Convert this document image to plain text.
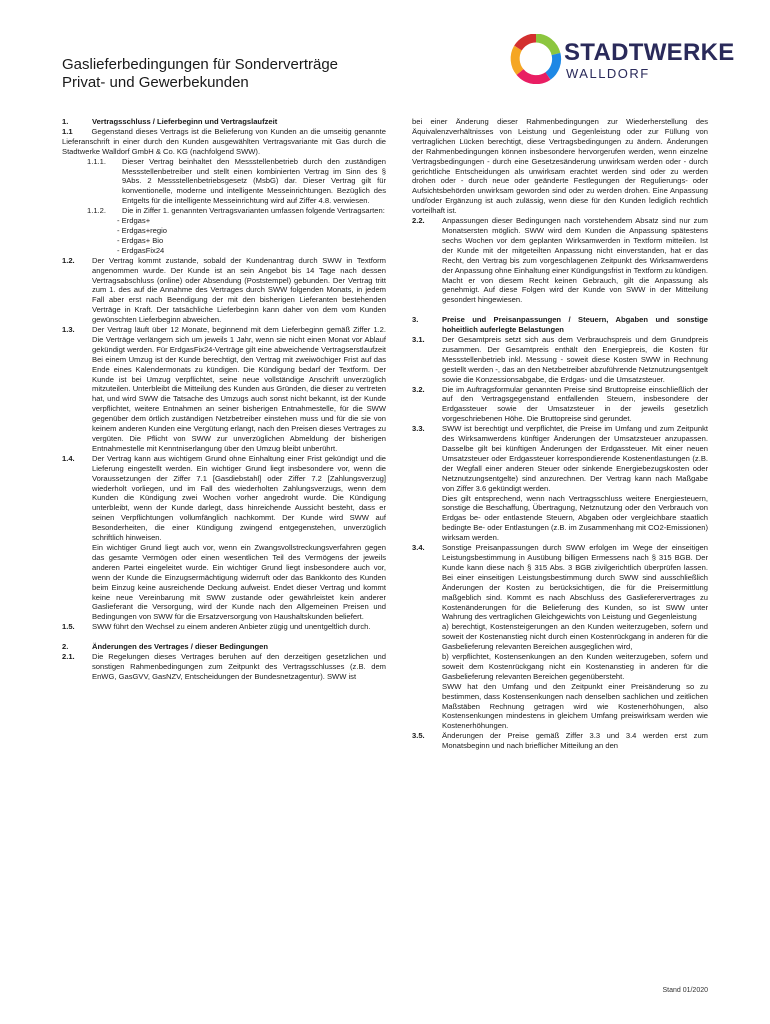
STADTWERKE
WALLDORF
Gaslieferbedingungen für Sonderverträge
Privat- und Gewerbekunden
1.	Vertragsschluss / Lieferbeginn und Vertragslaufzeit

1.1 Gegenstand dieses Vertrags ist die Belieferung von Kunden an die umseitig genannte Lieferanschrift in einer durch den Kunden ausgewählten Vertragsvariante mit Gas durch die Stadtwerke Walldorf GmbH & Co. KG (nachfolgend SWW).

1.1.1.	Dieser Vertrag beinhaltet den Messstellenbetrieb durch den zuständigen Messstellenbetreiber und stellt einen kombinierten Vertrag im Sinn des § 9Abs. 2 Messstellenbetriebsgesetz (MsbG) dar. Dieser Vertrag gilt für konventionelle, moderne und intelligente Messeinrichtungen. Bezüglich des Entgelts für die intelligente Messeinrichtung wird auf Ziffer 4.8. verwiesen.
1.1.2.	Die in Ziffer 1. genannten Vertragsvarianten umfassen folgende Vertragsarten:
- Erdgas+
- Erdgas+regio
- Erdgas+ Bio
- ErdgasFix24
1.2.	Der Vertrag kommt zustande, sobald der Kundenantrag durch SWW in Textform angenommen wurde. Der Kunde ist an sein Angebot bis 14 Tage nach dessen Vertragsabschluss (online) oder Absendung (Poststempel) gebunden. Der Vertrag tritt zum 1. des auf die Annahme des Vertrages durch SWW folgenden Monats, in jedem Fall aber erst nach Beendigung der mit den bisherigen Lieferanten bestehenden Verträge in Kraft. Der tatsächliche Lieferbeginn kann daher von dem vom Kunden gewünschten Lieferbeginn abweichen.
1.3.	Der Vertrag läuft über 12 Monate, beginnend mit dem Lieferbeginn gemäß Ziffer 1.2. Die Verträge verlängern sich um jeweils 1 Jahr, wenn sie nicht einen Monat vor Ablauf gekündigt werden. Für ErdgasFix24-Verträge gilt eine abweichende Vertragserstlaufzeit Bei einem Umzug ist der Kunde berechtigt, den Vertrag mit zweiwöchiger Frist auf das Ende eines Kalendermonats zu kündigen. Die Kündigung bedarf der Textform. Der Kunde ist bei Umzug verpflichtet, seine neue vollständige Anschrift unverzüglich mitzuteilen. Unterbleibt die Mitteilung des Kunden aus Gründen, die dieser zu vertreten hat, und wird SWW die Tatsache des Umzugs auch sonst nicht bekannt, ist der Kunde verpflichtet, weitere Entnahmen an seiner bisherigen Entnahmestelle, für die SWW gegenüber dem örtlich zuständigen Netzbetreiber einstehen muss und für die sie von keinem anderen Kunden eine Vergütung erlangt, nach den Preisen dieses Vertrages zu vergüten. Die Pflicht von SWW zur unverzüglichen Abmeldung der bisherigen Entnahmestelle mit Kenntniserlangung über den Umzug bleibt unberührt.
1.4.	Der Vertrag kann aus wichtigem Grund ohne Einhaltung einer Frist gekündigt und die Lieferung eingestellt werden. Ein wichtiger Grund liegt insbesondere vor, wenn die Voraussetzungen der Ziffer 7.1 [Gasdiebstahl] oder Ziffer 7.2 [Zahlungsverzug] wiederholt vorliegen, und im Fall des wiederholten Zahlungsverzugs, wenn dem Kunden die Kündigung zwei Wochen vorher angedroht wurde. Die Kündigung unterbleibt, wenn der Kunde darlegt, dass hinreichende Aussicht besteht, dass er seinen Verpflichtungen vollumfänglich nachkommt. Der Kunde wird SWW auf Besonderheiten, die einer Kündigung zwingend entgegenstehen, unverzüglich schriftlich hinweisen.
Ein wichtiger Grund liegt auch vor, wenn ein Zwangsvollstreckungsverfahren gegen das gesamte Vermögen oder einen wesentlichen Teil des Vermögens der jeweils anderen Partei eingeleitet wurde. Ein wichtiger Grund liegt insbesondere auch vor, wenn der Kunde die Einzugsermächtigung widerruft oder das Bankkonto des Kunden beim Einzug keine ausreichende Deckung aufweist. Endet dieser Vertrag und kommt keine neue Vereinbarung mit SWW zustande oder gewährleistet kein anderer Gaslieferant die Versorgung, wird der Kunde nach den Allgemeinen Preisen und Bedingungen von SWW für die Ersatzversorgung von Haushaltskunden beliefert.
1.5.	SWW führt den Wechsel zu einem anderen Anbieter zügig und unentgeltlich durch.
2.	Änderungen des Vertrages / dieser Bedingungen
2.1.	Die Regelungen dieses Vertrages beruhen auf den derzeitigen gesetzlichen und sonstigen Rahmenbedingungen zum Zeitpunkt des Vertragsschlusses (z.B. dem EnWG, GasGVV, GasNZV, Entscheidungen der Bundesnetzagentur). SWW ist
bei einer Änderung dieser Rahmenbedingungen zur Wiederherstellung des Äquivalenzverhältnisses von Leistung und Gegenleistung oder zur Füllung von vertraglichen Lücken berechtigt, diese Vertragsbedingungen zu ändern. Änderungen der Rahmenbedingungen können insbesondere hervorgerufen werden, wenn einzelne Vertragsbedingungen - durch eine Gesetzesänderung unwirksam werden oder - durch gerichtliche Entscheidungen als unwirksam erachtet werden sind oder zu werden drohen oder - durch neue oder geänderte Festlegungen der Regulierungs- oder Aufsichtsbehörden unwirksam geworden sind oder zu werden drohen. Eine Anpassung und/oder Ergänzung ist auch zulässig, wenn diese für den Kunden lediglich rechtlich vorteilhaft ist.
2.2.	Anpassungen dieser Bedingungen nach vorstehendem Absatz sind nur zum Monatsersten möglich. SWW wird dem Kunden die Anpassung spätestens sechs Wochen vor dem geplanten Wirksamwerden in Textform mitteilen. Ist der Kunde mit der mitgeteilten Anpassung nicht einverstanden, hat er das Recht, den Vertrag bis zum vorgeschlagenen Zeitpunkt des Wirksamwerdens der Anpassung ohne Einhaltung einer Kündigungsfrist in Textform zu kündigen. Macht er von diesem Recht keinen Gebrauch, gilt die Anpassung als genehmigt. Auf diese Folgen wird der Kunde von SWW in der Mitteilung gesondert hingewiesen.
3.	Preise und Preisanpassungen / Steuern, Abgaben und sonstige hoheitlich auferlegte Belastungen
3.1.	Der Gesamtpreis setzt sich aus dem Verbrauchspreis und dem Grundpreis zusammen. Der Gesamtpreis enthält den Energiepreis, die Kosten für Messstellenbetrieb inkl. Messung - soweit diese Kosten SWW in Rechnung gestellt werden -, das an den Netzbetreiber abzuführende Netznutzungsentgelt sowie die Konzessionsabgabe, die Erdgas- und die Umsatzsteuer.
3.2.	Die im Auftragsformular genannten Preise sind Bruttopreise einschließlich der auf den Vertragsgegenstand entfallenden Steuern, insbesondere der Erdgassteuer sowie der Umsatzsteuer in der jeweils gesetzlich vorgeschriebenen Höhe. Die Bruttopreise sind gerundet.
3.3.	SWW ist berechtigt und verpflichtet, die Preise im Umfang und zum Zeitpunkt des Wirksamwerdens künftiger Änderungen der Umsatzsteuer anzupassen. Dasselbe gilt bei künftigen Änderungen der Erdgassteuer. Mit einer neuen Umsatzsteuer oder Erdgassteuer korrespondierende Kostenentlastungen (z.B. der Wegfall einer anderen Steuer oder sinkende Energiebezugskosten oder Netznutzungsentgelte) sind anzurechnen. Der Vertrag kann nach Maßgabe von Ziffer 3.6 gekündigt werden.
Dies gilt entsprechend, wenn nach Vertragsschluss weitere Energiesteuern, sonstige die Beschaffung, Übertragung, Netznutzung oder den Verbrauch von Erdgas be- oder entlastende Steuern, Abgaben oder vergleichbare staatlich bedingte Be- oder Entlastungen (z.B. im Zusammenhang mit CO2-Emissionen) wirksam werden.
3.4.	Sonstige Preisanpassungen durch SWW erfolgen im Wege der einseitigen Leistungsbestimmung in Ausübung billigen Ermessens nach § 315 BGB. Der Kunde kann diese nach § 315 Abs. 3 BGB zivilgerichtlich überprüfen lassen. Bei einer einseitigen Leistungsbestimmung durch SWW sind ausschließlich Änderungen der Kosten zu berücksichtigen, die für die Preisermittlung maßgeblich sind. Kommt es nach Abschluss des Gaslieferervertrages zu Kostenänderungen für die Belieferung des Kunden, so ist SWW unter Wahrung des vertraglichen Gleichgewichts von Leistung und Gegenleistung
a) berechtigt, Kostensteigerungen an den Kunden weiterzugeben, sofern und soweit der Kostenanstieg nicht durch einen Kostenrückgang in anderen für die Gasbelieferung relevanten Bereichen ausgeglichen wird,
b) verpflichtet, Kostensenkungen an den Kunden weiterzugeben, sofern und soweit dem Kostenrückgang nicht ein Kostenanstieg in anderen für die Gasbelieferung relevanten Bereichen gegenübersteht.
SWW hat den Umfang und den Zeitpunkt einer Preisänderung so zu bestimmen, dass Kostensenkungen nach denselben sachlichen und zeitlichen Maßstäben Rechnung getragen wird wie Kostenerhöhungen, also Kostensenkungen mindestens in gleichem Umfang preiswirksam werden wie Kostenerhöhungen.
3.5.	Änderungen der Preise gemäß Ziffer 3.3 und 3.4 werden erst zum Monatsbeginn und nach brieflicher Mitteilung an den
Stand 01/2020
